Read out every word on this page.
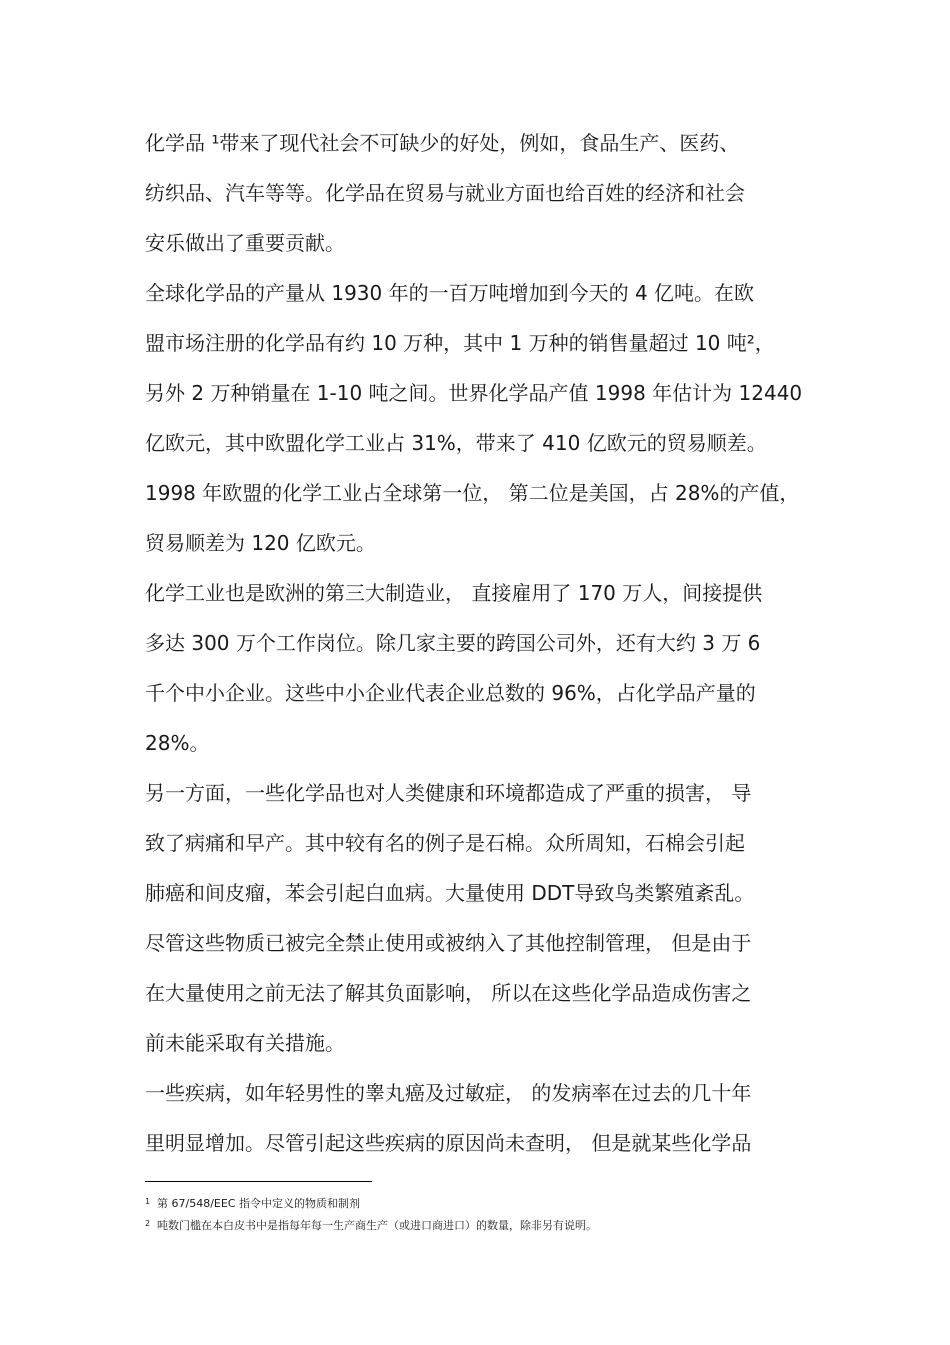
化学品 ¹带来了现代社会不可缺少的好处，例如，食品生产、医药、
纺织品、汽车等等。化学品在贸易与就业方面也给百姓的经济和社会
安乐做出了重要贡献。
全球化学品的产量从 1930 年的一百万吨增加到今天的 4 亿吨。在欧
盟市场注册的化学品有约 10 万种，其中 1 万种的销售量超过 10 吨²，
另外 2 万种销量在 1-10 吨之间。世界化学品产值 1998 年估计为 12440
亿欧元，其中欧盟化学工业占 31%，带来了 410 亿欧元的贸易顺差。
1998 年欧盟的化学工业占全球第一位， 第二位是美国，占 28%的产值，
贸易顺差为 120 亿欧元。
化学工业也是欧洲的第三大制造业， 直接雇用了 170 万人，间接提供
多达 300 万个工作岗位。除几家主要的跨国公司外，还有大约 3 万 6
千个中小企业。这些中小企业代表企业总数的 96%，占化学品产量的
28%。
另一方面，一些化学品也对人类健康和环境都造成了严重的损害， 导
致了病痛和早产。其中较有名的例子是石棉。众所周知，石棉会引起
肺癌和间皮瘤，苯会引起白血病。大量使用 DDT导致鸟类繁殖紊乱。
尽管这些物质已被完全禁止使用或被纳入了其他控制管理， 但是由于
在大量使用之前无法了解其负面影响， 所以在这些化学品造成伤害之
前未能采取有关措施。
一些疾病，如年轻男性的睾丸癌及过敏症， 的发病率在过去的几十年
里明显增加。尽管引起这些疾病的原因尚未查明， 但是就某些化学品
1 第 67/548/EEC 指令中定义的物质和制剂
2 吨数门槛在本白皮书中是指每年每一生产商生产（或进口商进口）的数量，除非另有说明。
